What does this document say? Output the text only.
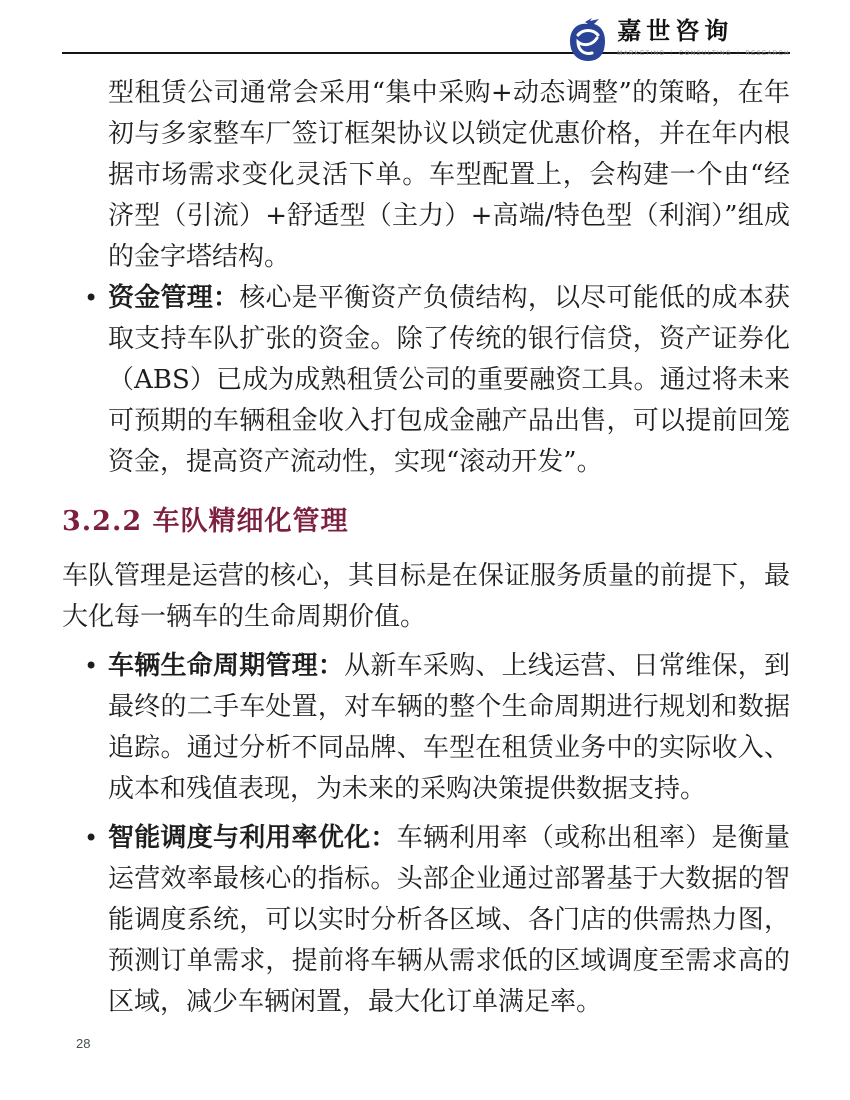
嘉世咨询
MARKETING ｜ CONSULTING ｜ RESEARCH

型租赁公司通常会采用“集中采购+动态调整”的策略，在年初与多家整车厂签订框架协议以锁定优惠价格，并在年内根据市场需求变化灵活下单。车型配置上，会构建一个由“经济型（引流）+舒适型（主力）+高端/特色型（利润）”组成的金字塔结构。

• 资金管理：核心是平衡资产负债结构，以尽可能低的成本获取支持车队扩张的资金。除了传统的银行信贷，资产证券化（ABS）已成为成熟租赁公司的重要融资工具。通过将未来可预期的车辆租金收入打包成金融产品出售，可以提前回笼资金，提高资产流动性，实现“滚动开发”。

3.2.2 车队精细化管理

车队管理是运营的核心，其目标是在保证服务质量的前提下，最大化每一辆车的生命周期价值。

• 车辆生命周期管理：从新车采购、上线运营、日常维保，到最终的二手车处置，对车辆的整个生命周期进行规划和数据追踪。通过分析不同品牌、车型在租赁业务中的实际收入、成本和残值表现，为未来的采购决策提供数据支持。

• 智能调度与利用率优化：车辆利用率（或称出租率）是衡量运营效率最核心的指标。头部企业通过部署基于大数据的智能调度系统，可以实时分析各区域、各门店的供需热力图，预测订单需求，提前将车辆从需求低的区域调度至需求高的区域，减少车辆闲置，最大化订单满足率。

28
